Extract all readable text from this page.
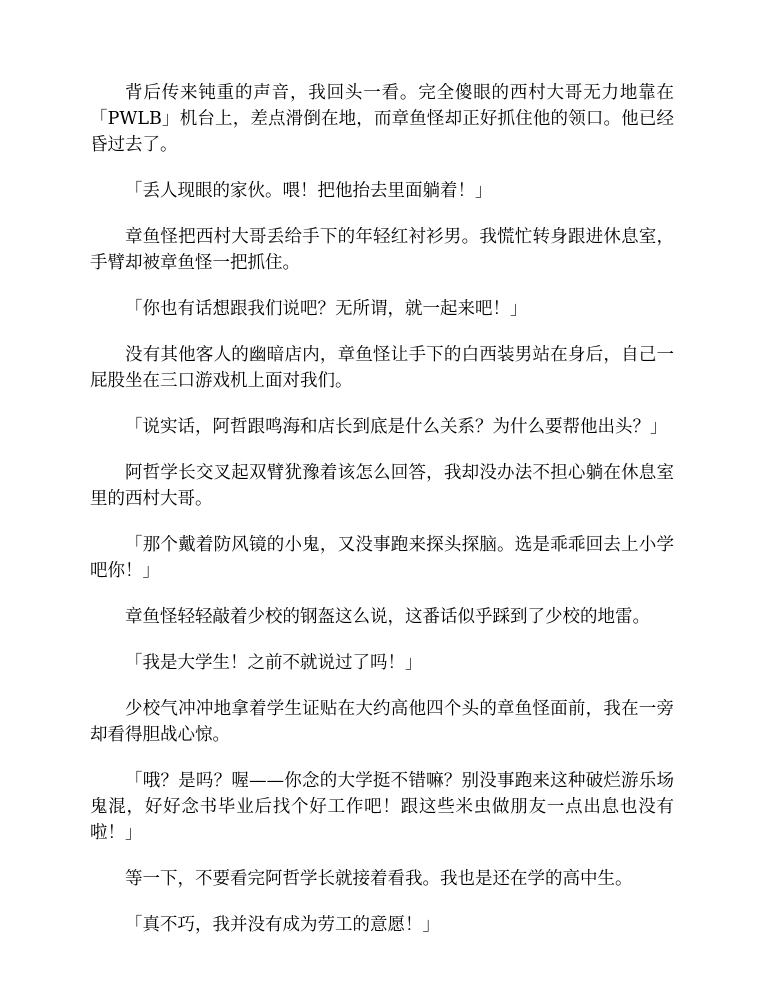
背后传来钝重的声音，我回头一看。完全傻眼的西村大哥无力地靠在「PWLB」机台上，差点滑倒在地，而章鱼怪却正好抓住他的领口。他已经昏过去了。

「丢人现眼的家伙。喂！把他抬去里面躺着！」

章鱼怪把西村大哥丢给手下的年轻红衬衫男。我慌忙转身跟进休息室，手臂却被章鱼怪一把抓住。

「你也有话想跟我们说吧？无所谓，就一起来吧！」

没有其他客人的幽暗店内，章鱼怪让手下的白西装男站在身后，自己一屁股坐在三口游戏机上面对我们。

「说实话，阿哲跟鸣海和店长到底是什么关系？为什么要帮他出头？」

阿哲学长交叉起双臂犹豫着该怎么回答，我却没办法不担心躺在休息室里的西村大哥。

「那个戴着防风镜的小鬼，又没事跑来探头探脑。选是乖乖回去上小学吧你！」

章鱼怪轻轻敲着少校的钢盔这么说，这番话似乎踩到了少校的地雷。

「我是大学生！之前不就说过了吗！」

少校气冲冲地拿着学生证贴在大约高他四个头的章鱼怪面前，我在一旁却看得胆战心惊。

「哦？是吗？喔——你念的大学挺不错嘛？别没事跑来这种破烂游乐场鬼混，好好念书毕业后找个好工作吧！跟这些米虫做朋友一点出息也没有啦！」

等一下，不要看完阿哲学长就接着看我。我也是还在学的高中生。

「真不巧，我并没有成为劳工的意愿！」
